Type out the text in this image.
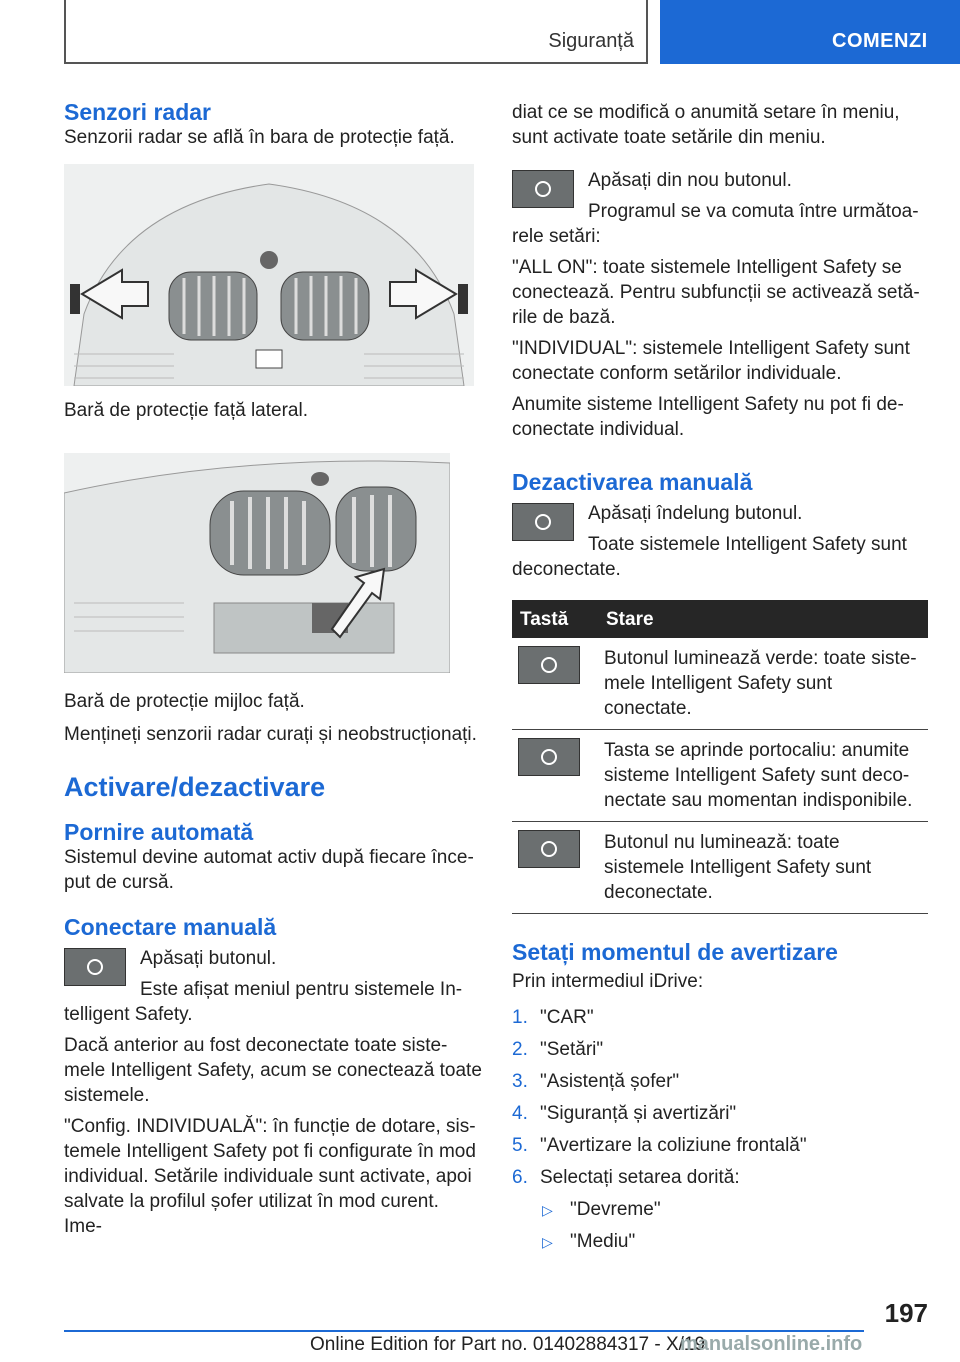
Siguranță	COMENZI

Senzori radar

Senzorii radar se află în bara de protecție față.

Bară de protecție față lateral.

Bară de protecție mijloc față.

Mențineți senzorii radar curați și neobstrucționați.

Activare/dezactivare

Pornire automată

Sistemul devine automat activ după fiecare înce-put de cursă.

Conectare manuală

Apăsați butonul.

Este afișat meniul pentru sistemele In-telligent Safety.

Dacă anterior au fost deconectate toate siste-mele Intelligent Safety, acum se conectează toate sistemele.

"Config. INDIVIDUALĂ": în funcție de dotare, sis-temele Intelligent Safety pot fi configurate în mod individual. Setările individuale sunt activate, apoi salvate la profilul șofer utilizat în mod curent. Ime-

diat ce se modifică o anumită setare în meniu, sunt activate toate setările din meniu.

Apăsați din nou butonul.

Programul se va comuta între următoa-rele setări:

"ALL ON": toate sistemele Intelligent Safety se conectează. Pentru subfuncții se activează setă-rile de bază.

"INDIVIDUAL": sistemele Intelligent Safety sunt conectate conform setărilor individuale.

Anumite sisteme Intelligent Safety nu pot fi de-conectate individual.

Dezactivarea manuală

Apăsați îndelung butonul.

Toate sistemele Intelligent Safety sunt deconectate.

Tastă	Stare

	Butonul luminează verde: toate siste-mele Intelligent Safety sunt conectate.

	Tasta se aprinde portocaliu: anumite sisteme Intelligent Safety sunt deco-nectate sau momentan indisponibile.

	Butonul nu luminează: toate sistemele Intelligent Safety sunt deconectate.

Setați momentul de avertizare

Prin intermediul iDrive:

1. "CAR"
2. "Setări"
3. "Asistență șofer"
4. "Siguranță și avertizări"
5. "Avertizare la coliziune frontală"
6. Selectați setarea dorită:
▷ "Devreme"
▷ "Mediu"
197
Online Edition for Part no. 01402884317 - X/19
manualsonline.info
